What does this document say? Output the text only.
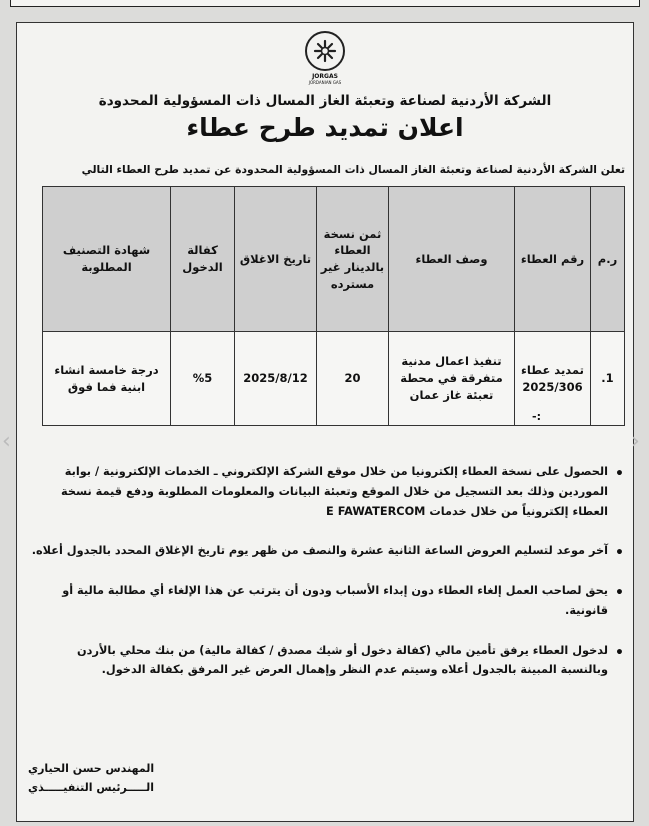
JORGAS
JORDANIAN GAS
الشركة الأردنية لصناعة وتعبئة الغاز المسال ذات المسؤولية المحدودة
اعلان تمديد طرح عطاء
تعلن الشركة الأردنية لصناعة وتعبئة الغاز المسال ذات المسؤولية المحدودة عن تمديد طرح العطاء التالي
ر.م	رقم العطاء	وصف العطاء	ثمن نسخة العطاء بالدينار غير مسترده	تاريخ الاغلاق	كفالة الدخول	شهادة التصنيف المطلوبة
1.	تمديد عطاء 2025/306	تنفيذ اعمال مدنية متفرقة في محطة تعبئة غاز عمان	20	2025/8/12	%5	درجة خامسة انشاء ابنية فما فوق
-:
‹	›
•
الحصول على نسخة العطاء إلكترونيا من خلال موقع الشركة الإلكتروني ـ الخدمات الإلكترونية / بوابة الموردين وذلك بعد التسجيل من خلال الموقع وتعبئة البيانات والمعلومات المطلوبة ودفع قيمة نسخة العطاء إلكترونياً من خلال خدمات E FAWATERCOM
•
آخر موعد لتسليم العروض الساعة الثانية عشرة والنصف من ظهر يوم تاريخ الإغلاق المحدد بالجدول أعلاه.
•
يحق لصاحب العمل إلغاء العطاء دون إبداء الأسباب ودون أن يترتب عن هذا الإلغاء أي مطالبة مالية أو قانونية.
•
لدخول العطاء يرفق تأمين مالي (كفالة دخول أو شيك مصدق / كفالة مالية) من بنك محلي بالأردن وبالنسبة المبينة بالجدول أعلاه وسيتم عدم النظر وإهمال العرض غير المرفق بكفالة الدخول.
المهندس حسن الحياري
الـــــرئيس التنفيـــــذي
